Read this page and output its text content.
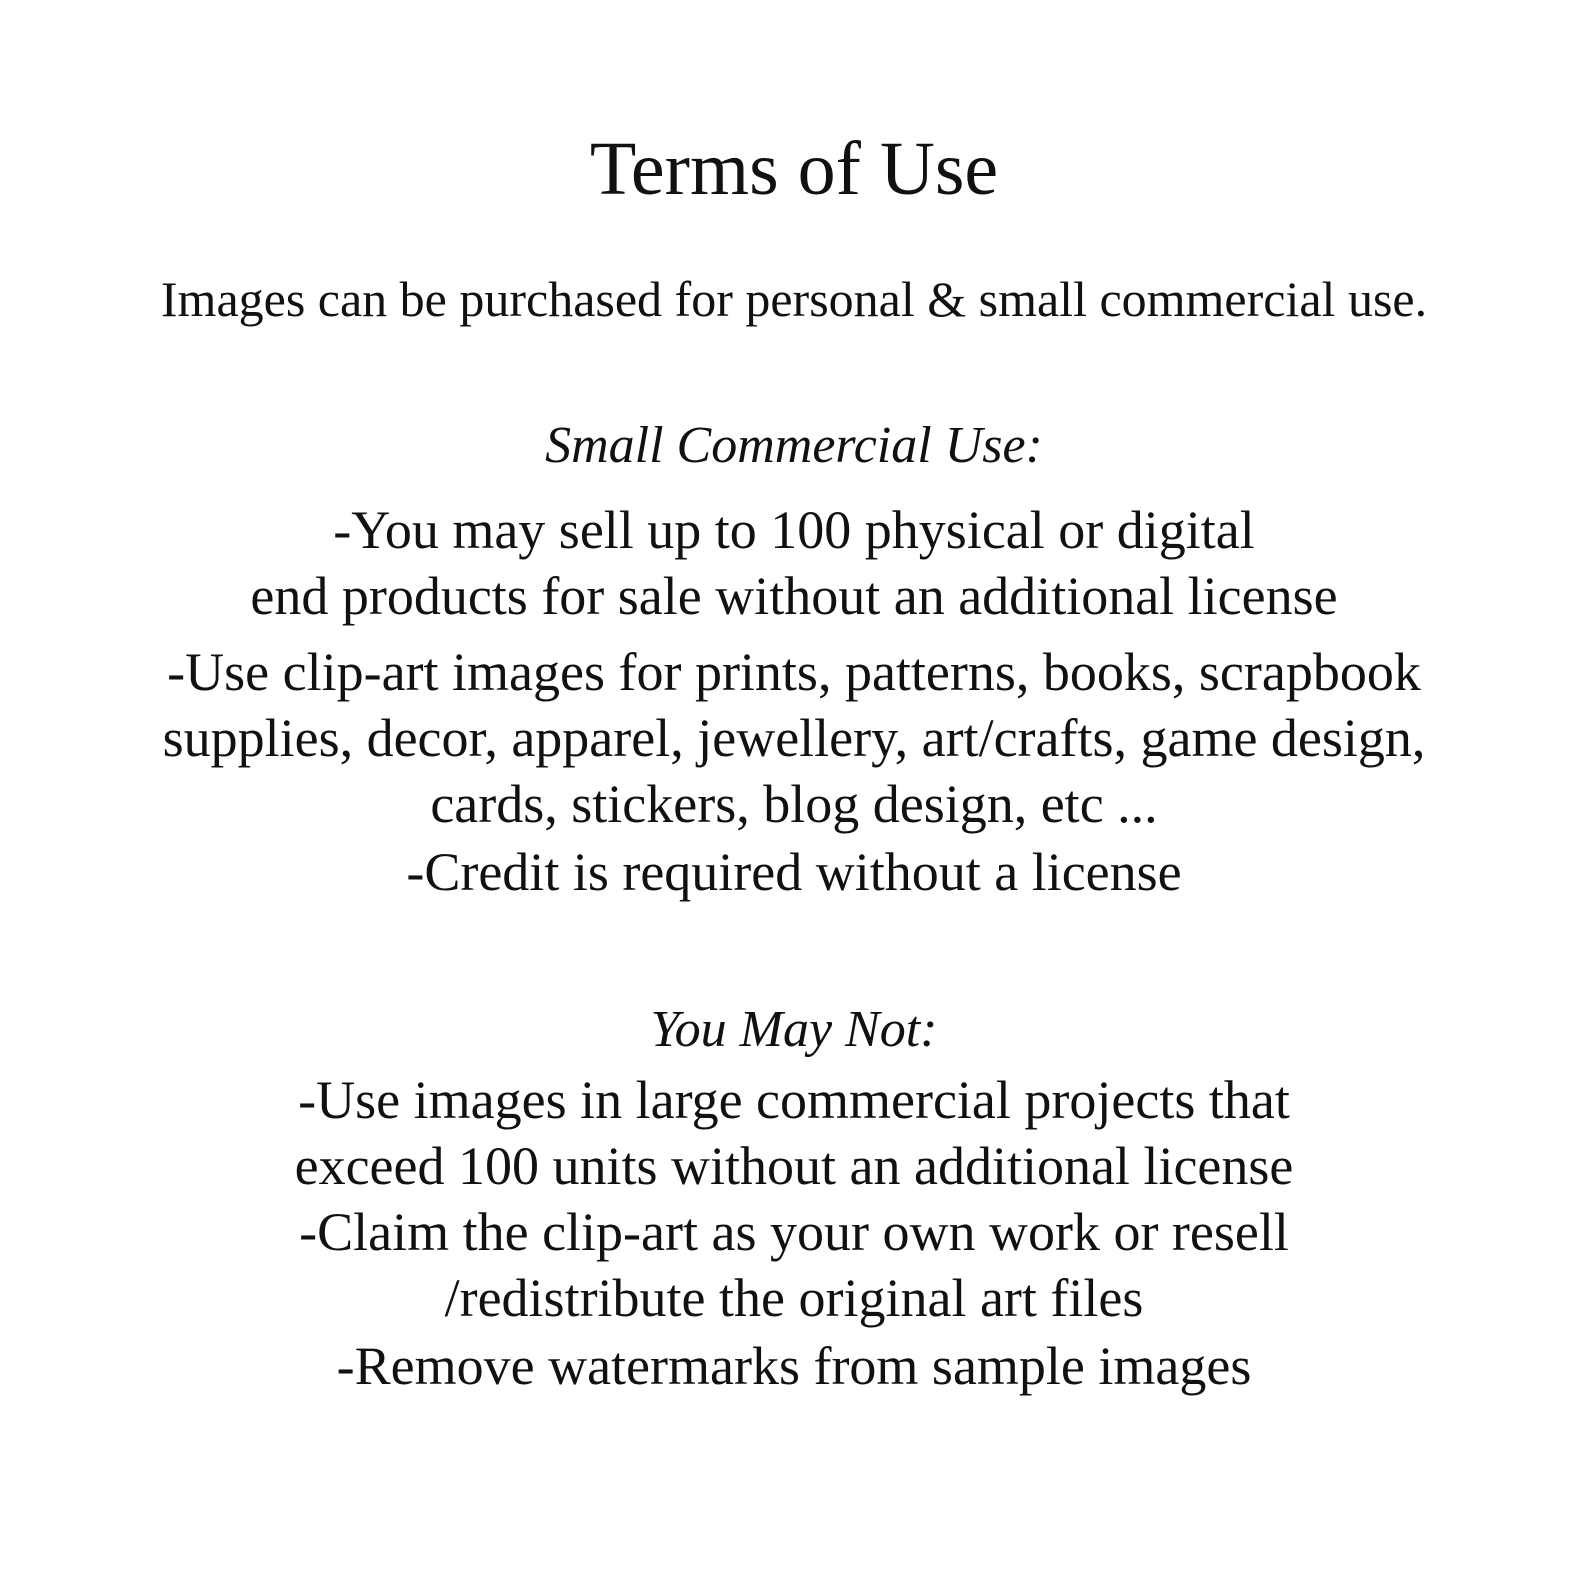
Terms of Use
Images can be purchased for personal & small commercial use.
Small Commercial Use:
-You may sell up to 100 physical or digital
end products for sale without an additional license
-Use clip-art images for prints, patterns, books, scrapbook
supplies, decor, apparel, jewellery, art/crafts, game design,
cards, stickers, blog design, etc ...
-Credit is required without a license
You May Not:
-Use images in large commercial projects that
exceed 100 units without an additional license
-Claim the clip-art as your own work or resell
/redistribute the original art files
-Remove watermarks from sample images
